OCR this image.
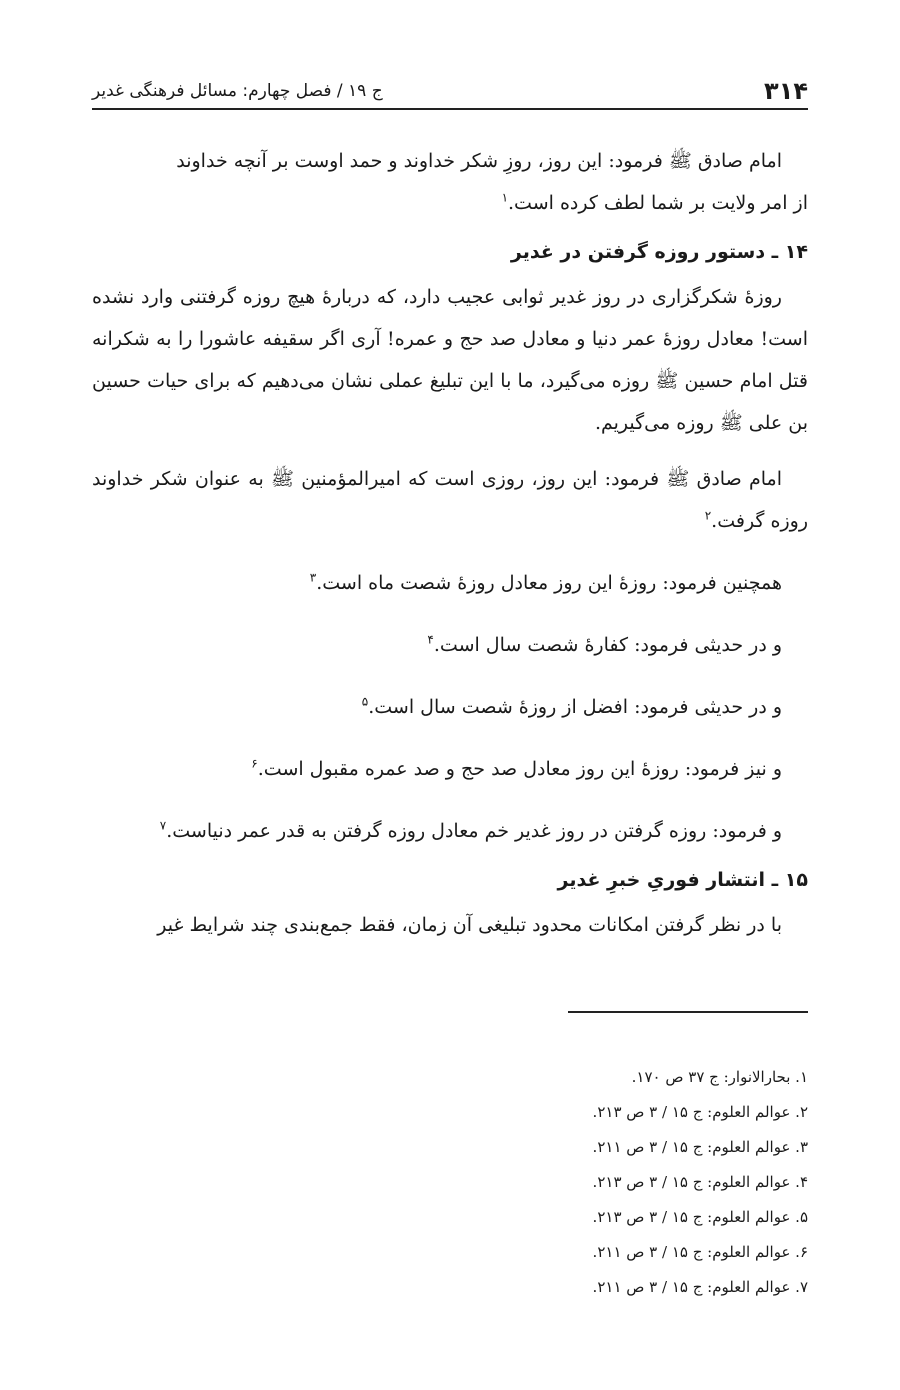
۳۱۴
ج ۱۹ / فصل چهارم: مسائل فرهنگی غدیر

امام صادق ﷺ فرمود: این روز، روزِ شکر خداوند و حمد اوست بر آنچه خداوند

از امر ولایت بر شما لطف کرده است.$^۱$

۱۴ ـ دستور روزه گرفتن در غدیر

روزهٔ شکرگزاری در روز غدیر ثوابی عجیب دارد، که دربارهٔ هیچ روزه گرفتنی وارد نشده است! معادل روزهٔ عمر دنیا و معادل صد حج و عمره! آری اگر سقیفه عاشورا را به شکرانه قتل امام حسین ﷺ روزه می‌گیرد، ما با این تبلیغ عملی نشان می‌دهیم که برای حیات حسین بن علی ﷺ روزه می‌گیریم.

امام صادق ﷺ فرمود: این روز، روزی است که امیرالمؤمنین ﷺ به عنوان شکر خداوند روزه گرفت.$^۲$

همچنین فرمود: روزهٔ این روز معادل روزهٔ شصت ماه است.$^۳$

و در حدیثی فرمود: کفارهٔ شصت سال است.$^۴$

و در حدیثی فرمود: افضل از روزهٔ شصت سال است.$^۵$

و نیز فرمود: روزهٔ این روز معادل صد حج و صد عمره مقبول است.$^۶$

و فرمود: روزه گرفتن در روز غدیر خم معادل روزه گرفتن به قدر عمر دنیاست.$^۷$

۱۵ ـ انتشار فوریِ خبرِ غدیر

با در نظر گرفتن امکانات محدود تبلیغی آن زمان، فقط جمع‌بندی چند شرایط غیر

۱. بحارالانوار: ج ۳۷ ص ۱۷۰.
۲. عوالم العلوم: ج ۱۵ / ۳ ص ۲۱۳.
۳. عوالم العلوم: ج ۱۵ / ۳ ص ۲۱۱.
۴. عوالم العلوم: ج ۱۵ / ۳ ص ۲۱۳.
۵. عوالم العلوم: ج ۱۵ / ۳ ص ۲۱۳.
۶. عوالم العلوم: ج ۱۵ / ۳ ص ۲۱۱.
۷. عوالم العلوم: ج ۱۵ / ۳ ص ۲۱۱.
